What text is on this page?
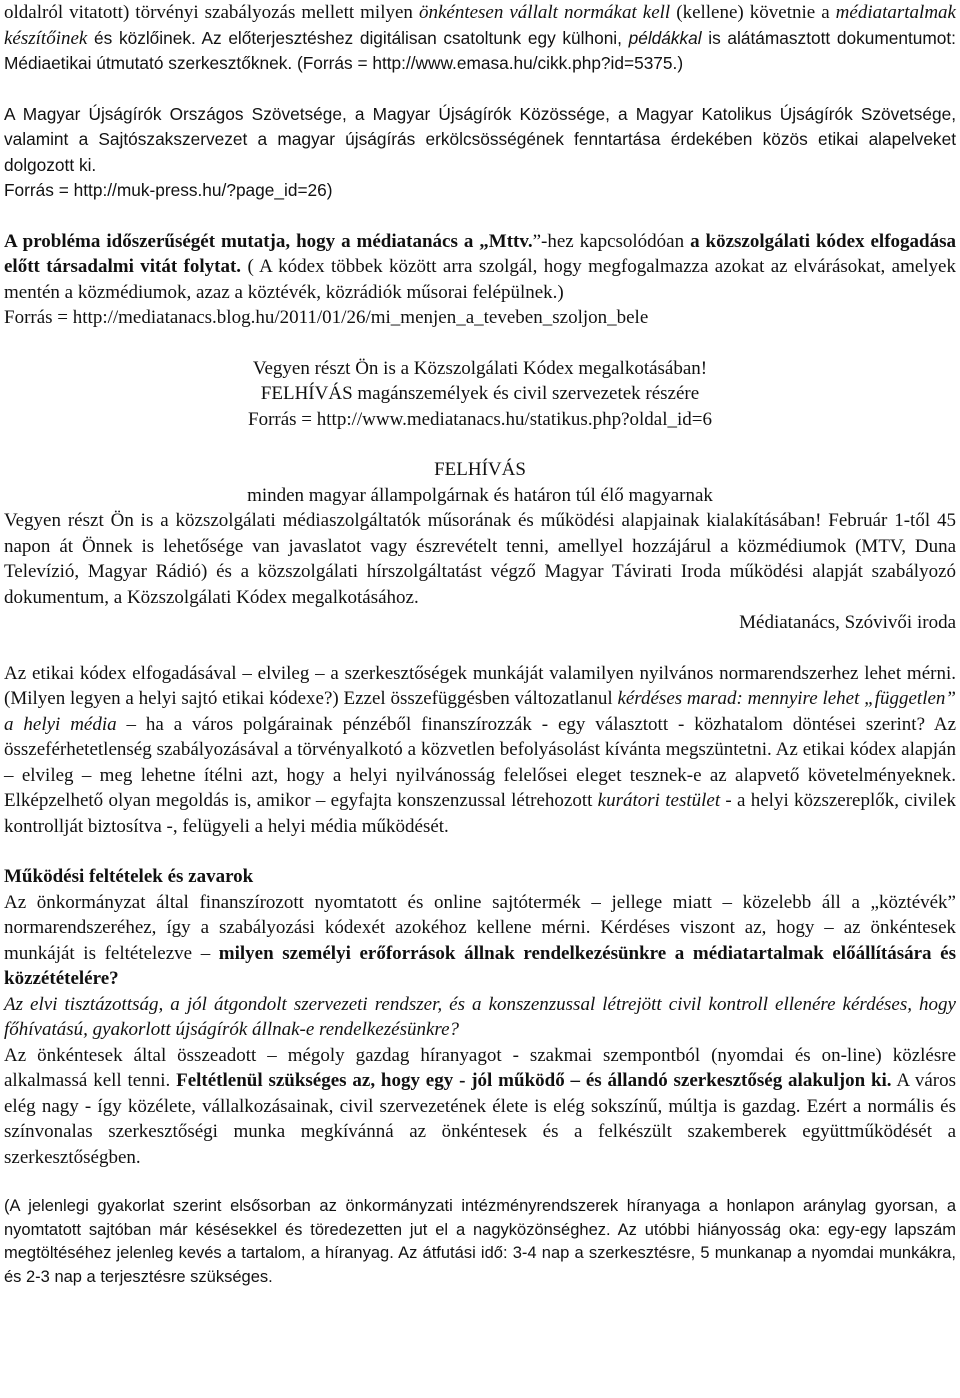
oldalról vitatott) törvényi szabályozás mellett milyen önkéntesen vállalt normákat kell (kellene) követnie a médiatartalmak készítőinek és közlőinek. Az előterjesztéshez digitálisan csatoltunk egy külhoni, példákkal is alátámasztott dokumentumot: Médiaetikai útmutató szerkesztőknek. (Forrás = http://www.emasa.hu/cikk.php?id=5375.)

A Magyar Újságírók Országos Szövetsége, a Magyar Újságírók Közössége, a Magyar Katolikus Újságírók Szövetsége, valamint a Sajtószakszervezet a magyar újságírás erkölcsösségének fenntartása érdekében közös etikai alapelveket dolgozott ki.
Forrás = http://muk-press.hu/?page_id=26)

A probléma időszerűségét mutatja, hogy a médiatanács a „Mttv.”-hez kapcsolódóan a közszolgálati kódex elfogadása előtt társadalmi vitát folytat. ( A kódex többek között arra szolgál, hogy megfogalmazza azokat az elvárásokat, amelyek mentén a közmédiumok, azaz a köztévék, közrádiók műsorai felépülnek.)
Forrás = http://mediatanacs.blog.hu/2011/01/26/mi_menjen_a_teveben_szoljon_bele

Vegyen részt Ön is a Közszolgálati Kódex megalkotásában!

FELHÍVÁS magánszemélyek és civil szervezetek részére

Forrás = http://www.mediatanacs.hu/statikus.php?oldal_id=6

FELHÍVÁS

minden magyar állampolgárnak és határon túl élő magyarnak

Vegyen részt Ön is a közszolgálati médiaszolgáltatók műsorának és működési alapjainak kialakításában! Február 1-től 45 napon át Önnek is lehetősége van javaslatot vagy észrevételt tenni, amellyel hozzájárul a közmédiumok (MTV, Duna Televízió, Magyar Rádió) és a közszolgálati hírszolgáltatást végző Magyar Távirati Iroda működési alapját szabályozó dokumentum, a Közszolgálati Kódex megalkotásához.

Médiatanács, Szóvivői iroda

Az etikai kódex elfogadásával – elvileg – a szerkesztőségek munkáját valamilyen nyilvános normarendszerhez lehet mérni. (Milyen legyen a helyi sajtó etikai kódexe?) Ezzel összefüggésben változatlanul kérdéses marad: mennyire lehet „független” a helyi média – ha a város polgárainak pénzéből finanszírozzák - egy választott - közhatalom döntései szerint? Az összeférhetetlenség szabályozásával a törvényalkotó a közvetlen befolyásolást kívánta megszüntetni. Az etikai kódex alapján – elvileg – meg lehetne ítélni azt, hogy a helyi nyilvánosság felelősei eleget tesznek-e az alapvető követelményeknek. Elképzelhető olyan megoldás is, amikor – egyfajta konszenzussal létrehozott kurátori testület - a helyi közszereplők, civilek kontrollját biztosítva -, felügyeli a helyi média működését.

Működési feltételek és zavarok

Az önkormányzat által finanszírozott nyomtatott és online sajtótermék – jellege miatt – közelebb áll a „köztévék” normarendszeréhez, így a szabályozási kódexét azokéhoz kellene mérni. Kérdéses viszont az, hogy – az önkéntesek munkáját is feltételezve – milyen személyi erőforrások állnak rendelkezésünkre a médiatartalmak előállítására és közzétételére?

Az elvi tisztázottság, a jól átgondolt szervezeti rendszer, és a konszenzussal létrejött civil kontroll ellenére kérdéses, hogy főhívatású, gyakorlott újságírók állnak-e rendelkezésünkre?

Az önkéntesek által összeadott – mégoly gazdag híranyagot - szakmai szempontból (nyomdai és on-line) közlésre alkalmassá kell tenni. Feltétlenül szükséges az, hogy egy - jól működő – és állandó szerkesztőség alakuljon ki. A város elég nagy - így közélete, vállalkozásainak, civil szervezetének élete is elég sokszínű, múltja is gazdag. Ezért a normális és színvonalas szerkesztőségi munka megkívánná az önkéntesek és a felkészült szakemberek együttműködését a szerkesztőségben.

(A jelenlegi gyakorlat szerint elsősorban az önkormányzati intézményrendszerek híranyaga a honlapon aránylag gyorsan, a nyomtatott sajtóban már késésekkel és töredezetten jut el a nagyközönséghez. Az utóbbi hiányosság oka: egy-egy lapszám megtöltéséhez jelenleg kevés a tartalom, a híranyag. Az átfutási idő: 3-4 nap a szerkesztésre, 5 munkanap a nyomdai munkákra, és 2-3 nap a terjesztésre szükséges.
